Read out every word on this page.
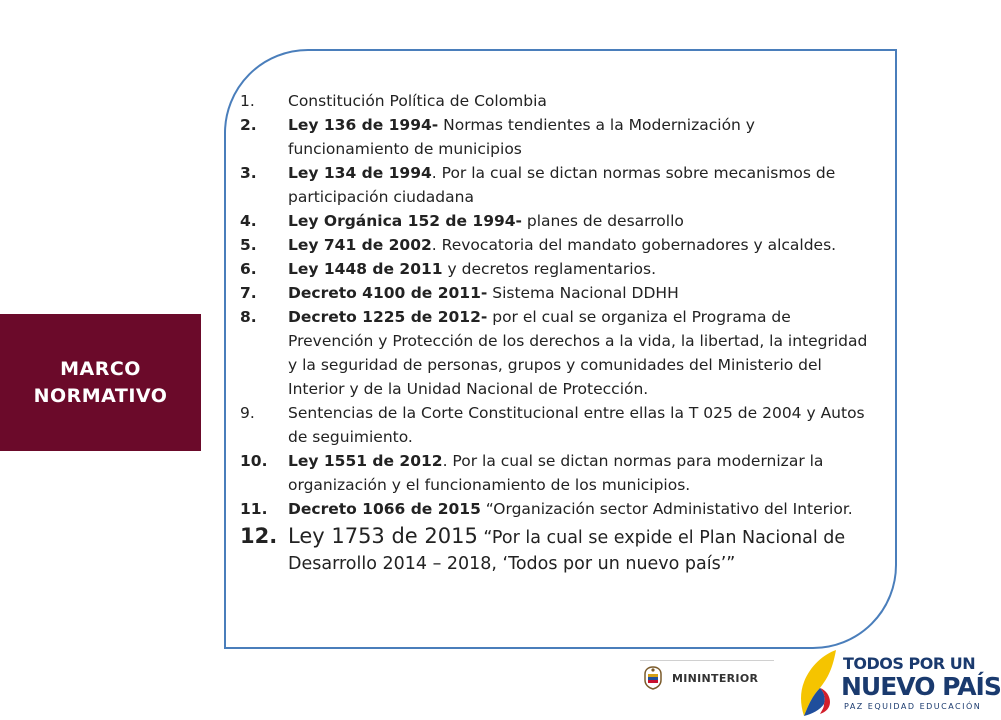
MARCO
NORMATIVO
1.	Constitución Política de Colombia
2.	Ley 136 de 1994- Normas tendientes a la Modernización y funcionamiento de municipios
3.	Ley 134 de 1994. Por la cual se dictan normas sobre mecanismos de participación ciudadana
4.	Ley Orgánica 152 de 1994- planes de desarrollo
5.	Ley 741 de 2002. Revocatoria del mandato gobernadores y alcaldes.
6.	Ley 1448 de 2011 y decretos reglamentarios.
7.	Decreto 4100 de 2011- Sistema Nacional DDHH
8.	Decreto 1225 de 2012- por el cual se organiza el Programa de Prevención y Protección de los derechos a la vida, la libertad, la integridad y la seguridad de personas, grupos y comunidades del Ministerio del Interior y de la Unidad Nacional de Protección.
9.	Sentencias de la Corte Constitucional entre ellas la T 025 de 2004 y Autos de seguimiento.
10.	Ley 1551 de 2012. Por la cual se dictan normas para modernizar la organización y el funcionamiento de los municipios.
11.	Decreto 1066 de 2015 “Organización sector Administativo del Interior.
12. Ley 1753 de 2015 “Por la cual se expide el Plan Nacional de Desarrollo 2014 – 2018, ‘Todos por un nuevo país’”
MININTERIOR
TODOS POR UN
NUEVO PAÍS
PAZ EQUIDAD EDUCACIÓN
